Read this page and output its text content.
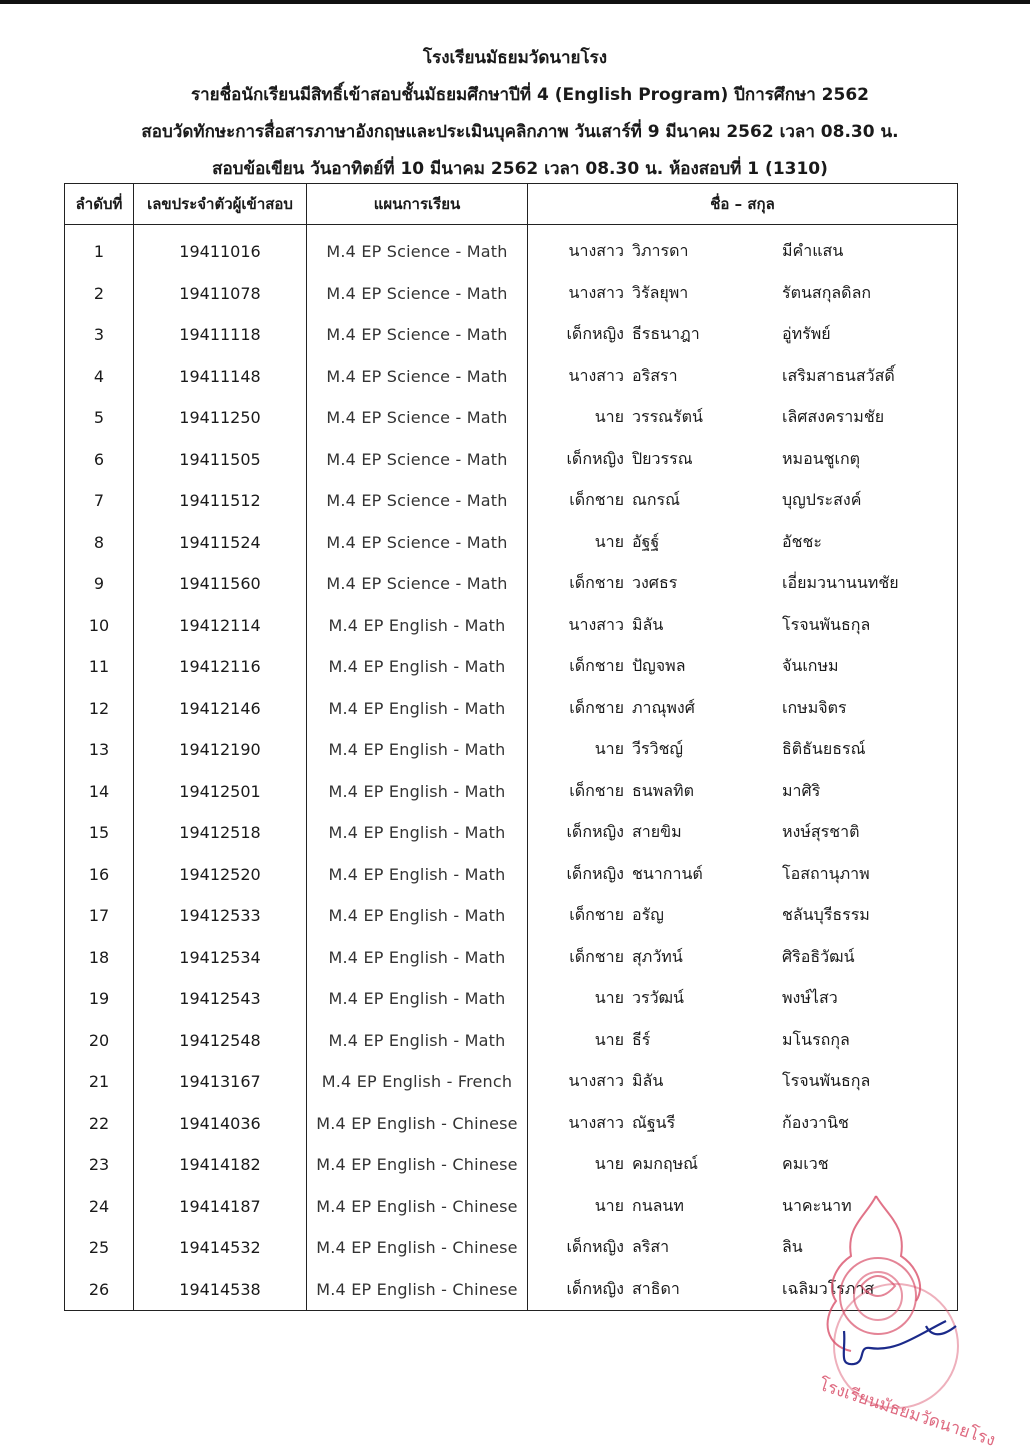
โรงเรียนมัธยมวัดนายโรง
รายชื่อนักเรียนมีสิทธิ์เข้าสอบชั้นมัธยมศึกษาปีที่ 4 (English Program) ปีการศึกษา 2562
สอบวัดทักษะการสื่อสารภาษาอังกฤษและประเมินบุคลิกภาพ วันเสาร์ที่ 9 มีนาคม 2562 เวลา 08.30 น.
สอบข้อเขียน วันอาทิตย์ที่ 10 มีนาคม 2562 เวลา 08.30 น. ห้องสอบที่ 1 (1310)
ลำดับที่	เลขประจำตัวผู้เข้าสอบ	แผนการเรียน	ชื่อ – สกุล
1	19411016	M.4 EP Science - Math	นางสาว วิภารดา มีคำแสน
2	19411078	M.4 EP Science - Math	นางสาว วิรัลยุพา รัตนสกุลดิลก
3	19411118	M.4 EP Science - Math	เด็กหญิง ธีรธนาฎา อู่ทรัพย์
4	19411148	M.4 EP Science - Math	นางสาว อริสรา เสริมสาธนสวัสดิ์
5	19411250	M.4 EP Science - Math	นาย วรรณรัตน์ เลิศสงครามชัย
6	19411505	M.4 EP Science - Math	เด็กหญิง ปิยวรรณ หมอนชูเกตุ
7	19411512	M.4 EP Science - Math	เด็กชาย ณกรณ์ บุญประสงค์
8	19411524	M.4 EP Science - Math	นาย อัฐฐ์ อัชชะ
9	19411560	M.4 EP Science - Math	เด็กชาย วงศธร เอี่ยมวนานนทชัย
10	19412114	M.4 EP English - Math	นางสาว มิลัน โรจนพันธกุล
11	19412116	M.4 EP English - Math	เด็กชาย ปัญจพล จันเกษม
12	19412146	M.4 EP English - Math	เด็กชาย ภาณุพงศ์ เกษมจิตร
13	19412190	M.4 EP English - Math	นาย วีรวิชญ์ ธิติธันยธรณ์
14	19412501	M.4 EP English - Math	เด็กชาย ธนพลทิต มาศิริ
15	19412518	M.4 EP English - Math	เด็กหญิง สายขิม หงษ์สุรชาติ
16	19412520	M.4 EP English - Math	เด็กหญิง ชนากานต์ โอสถานุภาพ
17	19412533	M.4 EP English - Math	เด็กชาย อรัญ ชลันบุรีธรรม
18	19412534	M.4 EP English - Math	เด็กชาย สุภวัทน์ ศิริอธิวัฒน์
19	19412543	M.4 EP English - Math	นาย วรวัฒน์ พงษ์ไสว
20	19412548	M.4 EP English - Math	นาย ธีร์ มโนรถกุล
21	19413167	M.4 EP English - French	นางสาว มิลัน โรจนพันธกุล
22	19414036	M.4 EP English - Chinese	นางสาว ณัฐนรี ก้องวานิช
23	19414182	M.4 EP English - Chinese	นาย คมกฤษณ์ คมเวช
24	19414187	M.4 EP English - Chinese	นาย กนลนท นาคะนาท
25	19414532	M.4 EP English - Chinese	เด็กหญิง ลริสา ลิน
26	19414538	M.4 EP English - Chinese	เด็กหญิง สาธิดา เฉลิมวโรภาส
โรงเรียนมัธยมวัดนายโรง
